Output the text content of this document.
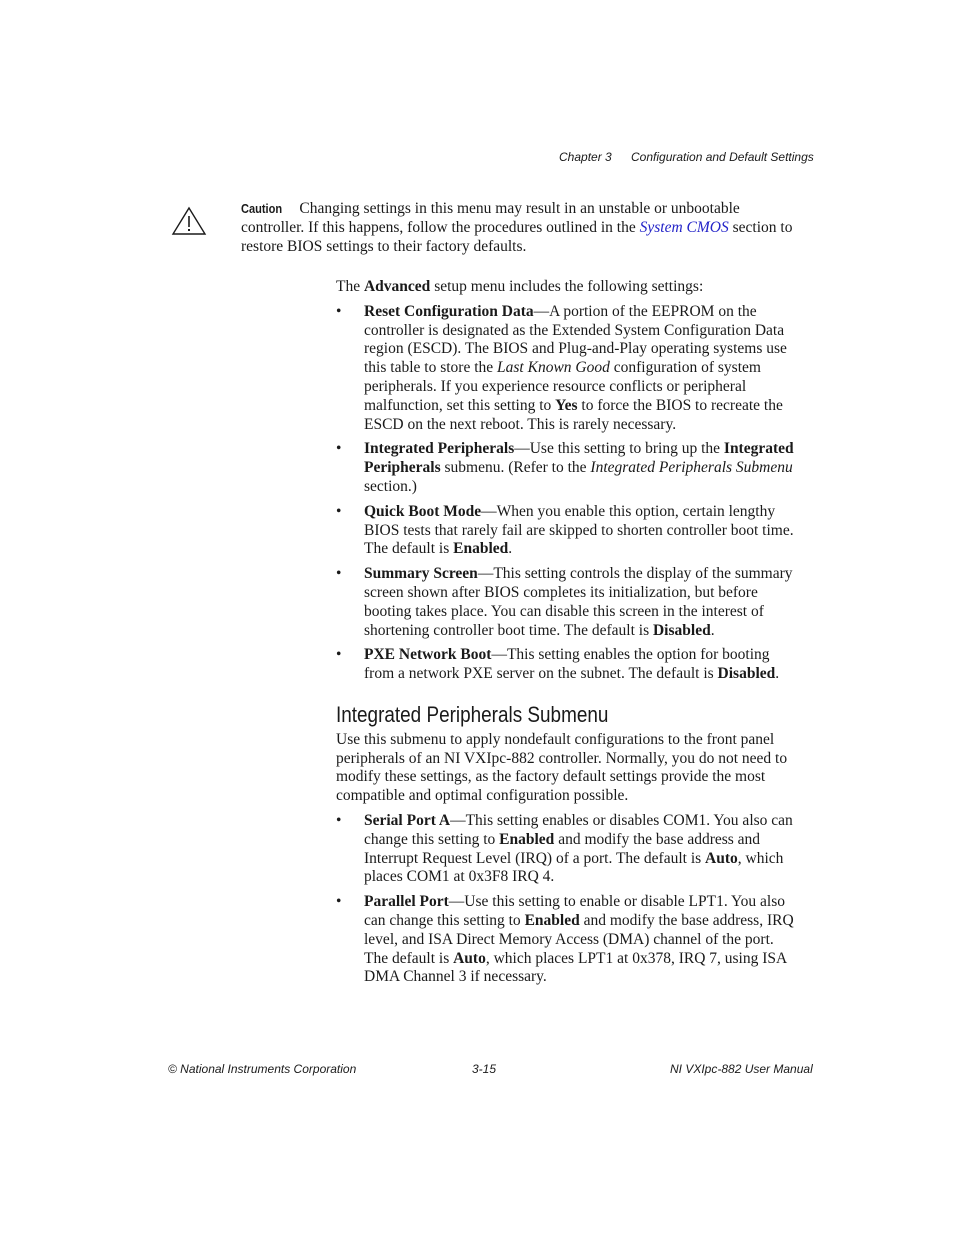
Chapter 3 Configuration and Default Settings
Caution Changing settings in this menu may result in an unstable or unbootable controller. If this happens, follow the procedures outlined in the System CMOS section to restore BIOS settings to their factory defaults.

The Advanced setup menu includes the following settings:

• Reset Configuration Data—A portion of the EEPROM on the controller is designated as the Extended System Configuration Data region (ESCD). The BIOS and Plug-and-Play operating systems use this table to store the Last Known Good configuration of system peripherals. If you experience resource conflicts or peripheral malfunction, set this setting to Yes to force the BIOS to recreate the ESCD on the next reboot. This is rarely necessary.
• Integrated Peripherals—Use this setting to bring up the Integrated Peripherals submenu. (Refer to the Integrated Peripherals Submenu section.)
• Quick Boot Mode—When you enable this option, certain lengthy BIOS tests that rarely fail are skipped to shorten controller boot time. The default is Enabled.
• Summary Screen—This setting controls the display of the summary screen shown after BIOS completes its initialization, but before booting takes place. You can disable this screen in the interest of shortening controller boot time. The default is Disabled.
• PXE Network Boot—This setting enables the option for booting from a network PXE server on the subnet. The default is Disabled.
Integrated Peripherals Submenu

Use this submenu to apply nondefault configurations to the front panel peripherals of an NI VXIpc-882 controller. Normally, you do not need to modify these settings, as the factory default settings provide the most compatible and optimal configuration possible.

• Serial Port A—This setting enables or disables COM1. You also can change this setting to Enabled and modify the base address and Interrupt Request Level (IRQ) of a port. The default is Auto, which places COM1 at 0x3F8 IRQ 4.
• Parallel Port—Use this setting to enable or disable LPT1. You also can change this setting to Enabled and modify the base address, IRQ level, and ISA Direct Memory Access (DMA) channel of the port. The default is Auto, which places LPT1 at 0x378, IRQ 7, using ISA DMA Channel 3 if necessary.
© National Instruments Corporation	3-15	NI VXIpc-882 User Manual
